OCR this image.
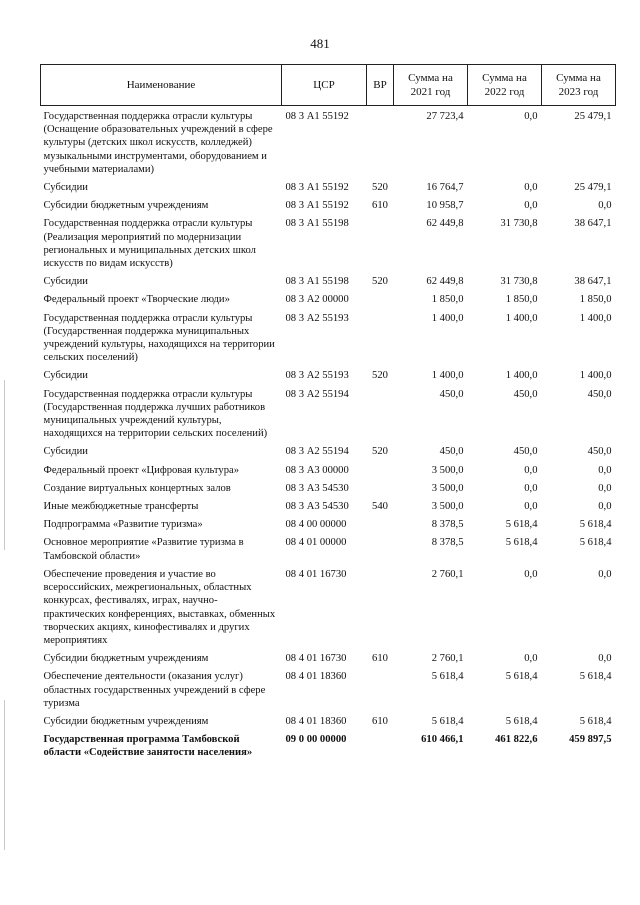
481
Наименование	ЦСР	ВР	Сумма на 2021 год	Сумма на 2022 год	Сумма на 2023 год
Государственная поддержка отрасли культуры (Оснащение образовательных учреждений в сфере культуры (детских школ искусств, колледжей) музыкальными инструментами, оборудованием и учебными материалами)	08 3 А1 55192		27 723,4	0,0	25 479,1
Субсидии	08 3 А1 55192	520	16 764,7	0,0	25 479,1
Субсидии бюджетным учреждениям	08 3 А1 55192	610	10 958,7	0,0	0,0
Государственная поддержка отрасли культуры (Реализация мероприятий по модернизации региональных и муниципальных детских школ искусств по видам искусств)	08 3 А1 55198		62 449,8	31 730,8	38 647,1
Субсидии	08 3 А1 55198	520	62 449,8	31 730,8	38 647,1
Федеральный проект «Творческие люди»	08 3 А2 00000		1 850,0	1 850,0	1 850,0
Государственная поддержка отрасли культуры (Государственная поддержка муниципальных учреждений культуры, находящихся на территории сельских поселений)	08 3 А2 55193		1 400,0	1 400,0	1 400,0
Субсидии	08 3 А2 55193	520	1 400,0	1 400,0	1 400,0
Государственная поддержка отрасли культуры (Государственная поддержка лучших работников муниципальных учреждений культуры, находящихся на территории сельских поселений)	08 3 А2 55194		450,0	450,0	450,0
Субсидии	08 3 А2 55194	520	450,0	450,0	450,0
Федеральный проект «Цифровая культура»	08 3 А3 00000		3 500,0	0,0	0,0
Создание виртуальных концертных залов	08 3 А3 54530		3 500,0	0,0	0,0
Иные межбюджетные трансферты	08 3 А3 54530	540	3 500,0	0,0	0,0
Подпрограмма «Развитие туризма»	08 4 00 00000		8 378,5	5 618,4	5 618,4
Основное мероприятие «Развитие туризма в Тамбовской области»	08 4 01 00000		8 378,5	5 618,4	5 618,4
Обеспечение проведения и участие во всероссийских, межрегиональных, областных конкурсах, фестивалях, играх, научно-практических конференциях, выставках, обменных творческих акциях, кинофестивалях и других мероприятиях	08 4 01 16730		2 760,1	0,0	0,0
Субсидии бюджетным учреждениям	08 4 01 16730	610	2 760,1	0,0	0,0
Обеспечение деятельности (оказания услуг) областных государственных учреждений в сфере туризма	08 4 01 18360		5 618,4	5 618,4	5 618,4
Субсидии бюджетным учреждениям	08 4 01 18360	610	5 618,4	5 618,4	5 618,4
Государственная программа Тамбовской области «Содействие занятости населения»	09 0 00 00000		610 466,1	461 822,6	459 897,5
